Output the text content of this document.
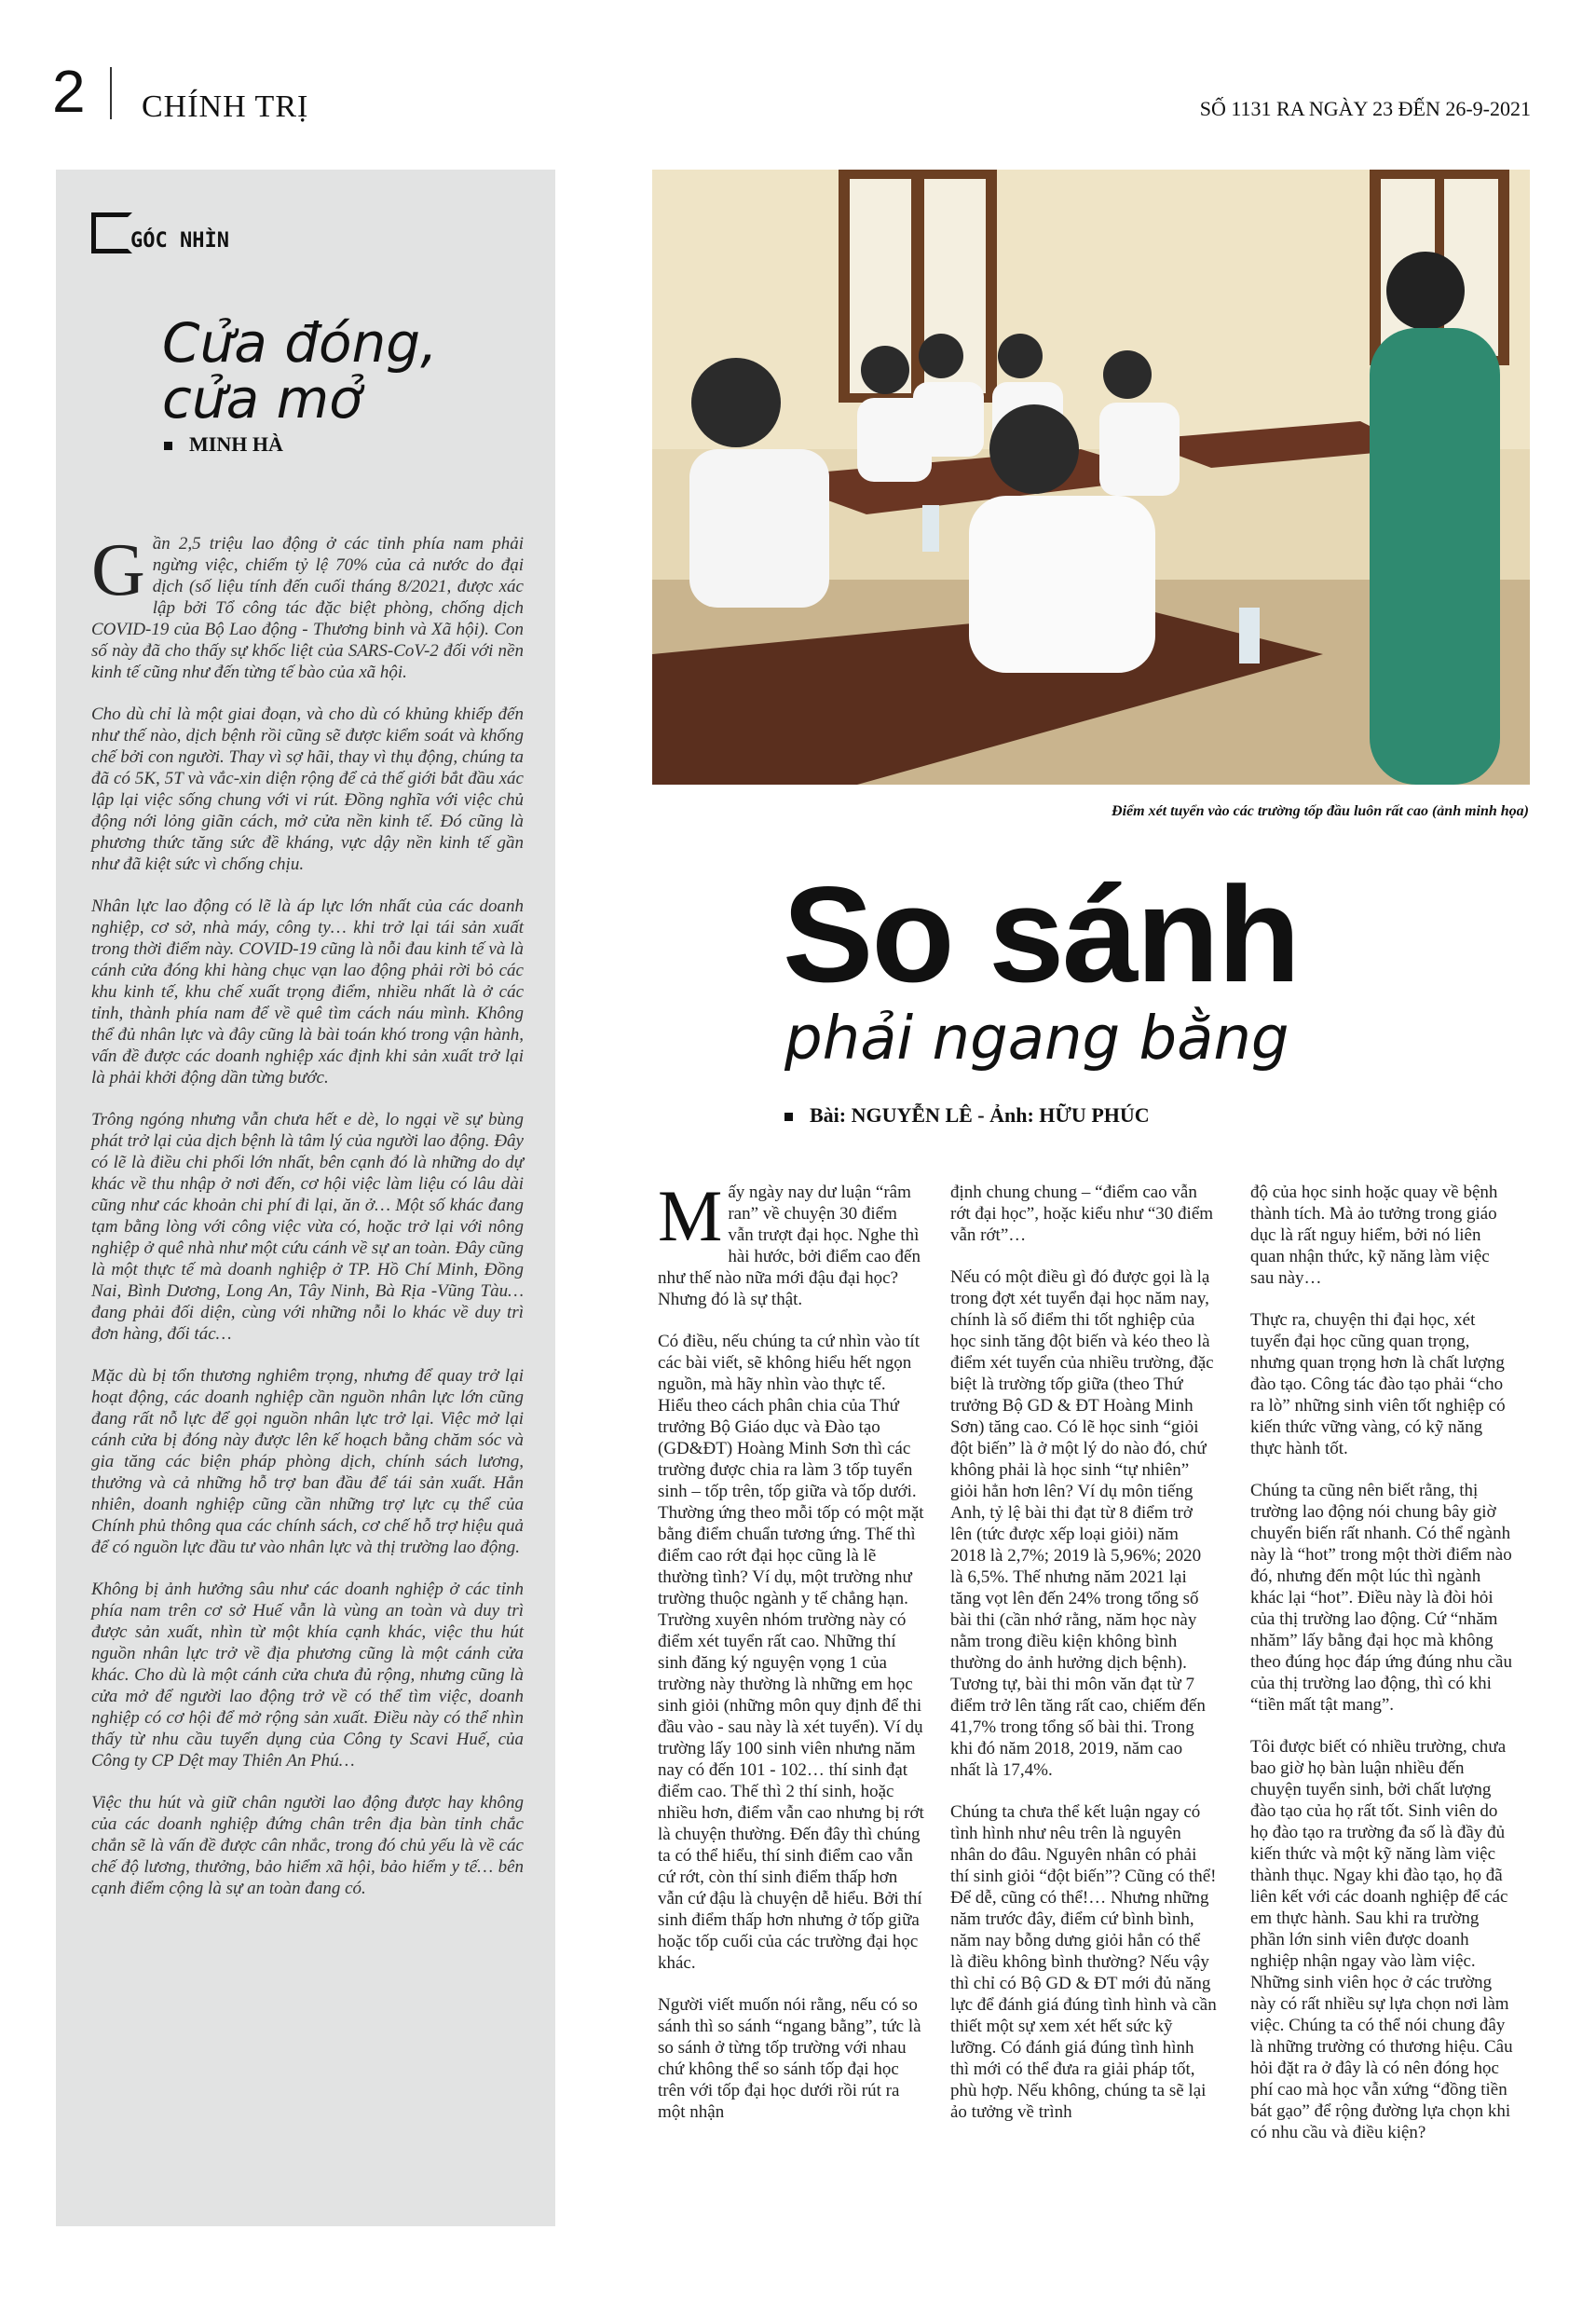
2 CHÍNH TRỊ	SỐ 1131 RA NGÀY 23 ĐẾN 26-9-2021
GÓC NHÌN
Cửa đóng,
cửa mở
MINH HÀ

Gần 2,5 triệu lao động ở các tỉnh phía nam phải ngừng việc, chiếm tỷ lệ 70% của cả nước do đại dịch (số liệu tính đến cuối tháng 8/2021, được xác lập bởi Tổ công tác đặc biệt phòng, chống dịch COVID-19 của Bộ Lao động - Thương binh và Xã hội). Con số này đã cho thấy sự khốc liệt của SARS-CoV-2 đối với nền kinh tế cũng như đến từng tế bào của xã hội.

Cho dù chỉ là một giai đoạn, và cho dù có khủng khiếp đến như thế nào, dịch bệnh rồi cũng sẽ được kiểm soát và khống chế bởi con người. Thay vì sợ hãi, thay vì thụ động, chúng ta đã có 5K, 5T và vắc-xin diện rộng để cả thế giới bắt đầu xác lập lại việc sống chung với vi rút. Đồng nghĩa với việc chủ động nới lỏng giãn cách, mở cửa nền kinh tế. Đó cũng là phương thức tăng sức đề kháng, vực dậy nền kinh tế gần như đã kiệt sức vì chống chịu.

Nhân lực lao động có lẽ là áp lực lớn nhất của các doanh nghiệp, cơ sở, nhà máy, công ty… khi trở lại tái sản xuất trong thời điểm này. COVID-19 cũng là nỗi đau kinh tế và là cánh cửa đóng khi hàng chục vạn lao động phải rời bỏ các khu kinh tế, khu chế xuất trọng điểm, nhiều nhất là ở các tỉnh, thành phía nam để về quê tìm cách náu mình. Không thể đủ nhân lực và đây cũng là bài toán khó trong vận hành, vấn đề được các doanh nghiệp xác định khi sản xuất trở lại là phải khởi động dần từng bước.

Trông ngóng nhưng vẫn chưa hết e dè, lo ngại về sự bùng phát trở lại của dịch bệnh là tâm lý của người lao động. Đây có lẽ là điều chi phối lớn nhất, bên cạnh đó là những do dự khác về thu nhập ở nơi đến, cơ hội việc làm liệu có lâu dài cũng như các khoản chi phí đi lại, ăn ở… Một số khác đang tạm bằng lòng với công việc vừa có, hoặc trở lại với nông nghiệp ở quê nhà như một cứu cánh về sự an toàn. Đây cũng là một thực tế mà doanh nghiệp ở TP. Hồ Chí Minh, Đồng Nai, Bình Dương, Long An, Tây Ninh, Bà Rịa -Vũng Tàu… đang phải đối diện, cùng với những nỗi lo khác về duy trì đơn hàng, đối tác…

Mặc dù bị tổn thương nghiêm trọng, nhưng để quay trở lại hoạt động, các doanh nghiệp cần nguồn nhân lực lớn cũng đang rất nỗ lực để gọi nguồn nhân lực trở lại. Việc mở lại cánh cửa bị đóng này được lên kế hoạch bằng chăm sóc và gia tăng các biện pháp phòng dịch, chính sách lương, thưởng và cả những hỗ trợ ban đầu để tái sản xuất. Hẳn nhiên, doanh nghiệp cũng cần những trợ lực cụ thể của Chính phủ thông qua các chính sách, cơ chế hỗ trợ hiệu quả để có nguồn lực đầu tư vào nhân lực và thị trường lao động.

Không bị ảnh hưởng sâu như các doanh nghiệp ở các tỉnh phía nam trên cơ sở Huế vẫn là vùng an toàn và duy trì được sản xuất, nhìn từ một khía cạnh khác, việc thu hút nguồn nhân lực trở về địa phương cũng là một cánh cửa khác. Cho dù là một cánh cửa chưa đủ rộng, nhưng cũng là cửa mở để người lao động trở về có thể tìm việc, doanh nghiệp có cơ hội để mở rộng sản xuất. Điều này có thể nhìn thấy từ nhu cầu tuyển dụng của Công ty Scavi Huế, của Công ty CP Dệt may Thiên An Phú…

Việc thu hút và giữ chân người lao động được hay không của các doanh nghiệp đứng chân trên địa bàn tỉnh chắc chắn sẽ là vấn đề được cân nhắc, trong đó chủ yếu là về các chế độ lương, thưởng, bảo hiểm xã hội, bảo hiểm y tế… bên cạnh điểm cộng là sự an toàn đang có.

Điểm xét tuyển vào các trường tốp đầu luôn rất cao (ảnh minh họa)
So sánh
phải ngang bằng
Bài: NGUYỄN LÊ - Ảnh: HỮU PHÚC

Mấy ngày nay dư luận “râm ran” về chuyện 30 điểm vẫn trượt đại học. Nghe thì hài hước, bởi điểm cao đến như thế nào nữa mới đậu đại học? Nhưng đó là sự thật.

Có điều, nếu chúng ta cứ nhìn vào tít các bài viết, sẽ không hiểu hết ngọn nguồn, mà hãy nhìn vào thực tế. Hiểu theo cách phân chia của Thứ trưởng Bộ Giáo dục và Đào tạo (GD&ĐT) Hoàng Minh Sơn thì các trường được chia ra làm 3 tốp tuyển sinh – tốp trên, tốp giữa và tốp dưới. Thường ứng theo mỗi tốp có một mặt bằng điểm chuẩn tương ứng. Thế thì điểm cao rớt đại học cũng là lẽ thường tình? Ví dụ, một trường như trường thuộc ngành y tế chẳng hạn. Trường xuyên nhóm trường này có điểm xét tuyển rất cao. Những thí sinh đăng ký nguyện vọng 1 của trường này thường là những em học sinh giỏi (những môn quy định để thi đầu vào - sau này là xét tuyển). Ví dụ trường lấy 100 sinh viên nhưng năm nay có đến 101 - 102… thí sinh đạt điểm cao. Thế thì 2 thí sinh, hoặc nhiều hơn, điểm vẫn cao nhưng bị rớt là chuyện thường. Đến đây thì chúng ta có thể hiểu, thí sinh điểm cao vẫn cứ rớt, còn thí sinh điểm thấp hơn vẫn cứ đậu là chuyện dễ hiểu. Bởi thí sinh điểm thấp hơn nhưng ở tốp giữa hoặc tốp cuối của các trường đại học khác.

Người viết muốn nói rằng, nếu có so sánh thì so sánh “ngang bằng”, tức là so sánh ở từng tốp trường với nhau chứ không thể so sánh tốp đại học trên với tốp đại học dưới rồi rút ra một nhận

định chung chung – “điểm cao vẫn rớt đại học”, hoặc kiểu như “30 điểm vẫn rớt”…

Nếu có một điều gì đó được gọi là lạ trong đợt xét tuyển đại học năm nay, chính là số điểm thi tốt nghiệp của học sinh tăng đột biến và kéo theo là điểm xét tuyển của nhiều trường, đặc biệt là trường tốp giữa (theo Thứ trưởng Bộ GD & ĐT Hoàng Minh Sơn) tăng cao. Có lẽ học sinh “giỏi đột biến” là ở một lý do nào đó, chứ không phải là học sinh “tự nhiên” giỏi hẳn hơn lên? Ví dụ môn tiếng Anh, tỷ lệ bài thi đạt từ 8 điểm trở lên (tức được xếp loại giỏi) năm 2018 là 2,7%; 2019 là 5,96%; 2020 là 6,5%. Thế nhưng năm 2021 lại tăng vọt lên đến 24% trong tổng số bài thi (cần nhớ rằng, năm học này nằm trong điều kiện không bình thường do ảnh hưởng dịch bệnh). Tương tự, bài thi môn văn đạt từ 7 điểm trở lên tăng rất cao, chiếm đến 41,7% trong tổng số bài thi. Trong khi đó năm 2018, 2019, năm cao nhất là 17,4%.

Chúng ta chưa thể kết luận ngay có tình hình như nêu trên là nguyên nhân do đâu. Nguyên nhân có phải thí sinh giỏi “đột biến”? Cũng có thể! Để dễ, cũng có thể!… Nhưng những năm trước đây, điểm cứ bình bình, năm nay bỗng dưng giỏi hẳn có thể là điều không bình thường? Nếu vậy thì chỉ có Bộ GD & ĐT mới đủ năng lực để đánh giá đúng tình hình và cần thiết một sự xem xét hết sức kỹ lưỡng. Có đánh giá đúng tình hình thì mới có thể đưa ra giải pháp tốt, phù hợp. Nếu không, chúng ta sẽ lại ảo tưởng về trình

độ của học sinh hoặc quay về bệnh thành tích. Mà ảo tưởng trong giáo dục là rất nguy hiểm, bởi nó liên quan nhận thức, kỹ năng làm việc sau này…

Thực ra, chuyện thi đại học, xét tuyển đại học cũng quan trọng, nhưng quan trọng hơn là chất lượng đào tạo. Công tác đào tạo phải “cho ra lò” những sinh viên tốt nghiệp có kiến thức vững vàng, có kỹ năng thực hành tốt.

Chúng ta cũng nên biết rằng, thị trường lao động nói chung bây giờ chuyển biến rất nhanh. Có thể ngành này là “hot” trong một thời điểm nào đó, nhưng đến một lúc thì ngành khác lại “hot”. Điều này là đòi hỏi của thị trường lao động. Cứ “nhăm nhăm” lấy bằng đại học mà không theo đúng học đáp ứng đúng nhu cầu của thị trường lao động, thì có khi “tiền mất tật mang”.

Tôi được biết có nhiều trường, chưa bao giờ họ bàn luận nhiều đến chuyện tuyển sinh, bởi chất lượng đào tạo của họ rất tốt. Sinh viên do họ đào tạo ra trường đa số là đầy đủ kiến thức và một kỹ năng làm việc thành thục. Ngay khi đào tạo, họ đã liên kết với các doanh nghiệp để các em thực hành. Sau khi ra trường phần lớn sinh viên được doanh nghiệp nhận ngay vào làm việc. Những sinh viên học ở các trường này có rất nhiều sự lựa chọn nơi làm việc. Chúng ta có thể nói chung đây là những trường có thương hiệu. Câu hỏi đặt ra ở đây là có nên đóng học phí cao mà học vẫn xứng “đồng tiền bát gạo” để rộng đường lựa chọn khi có nhu cầu và điều kiện?
